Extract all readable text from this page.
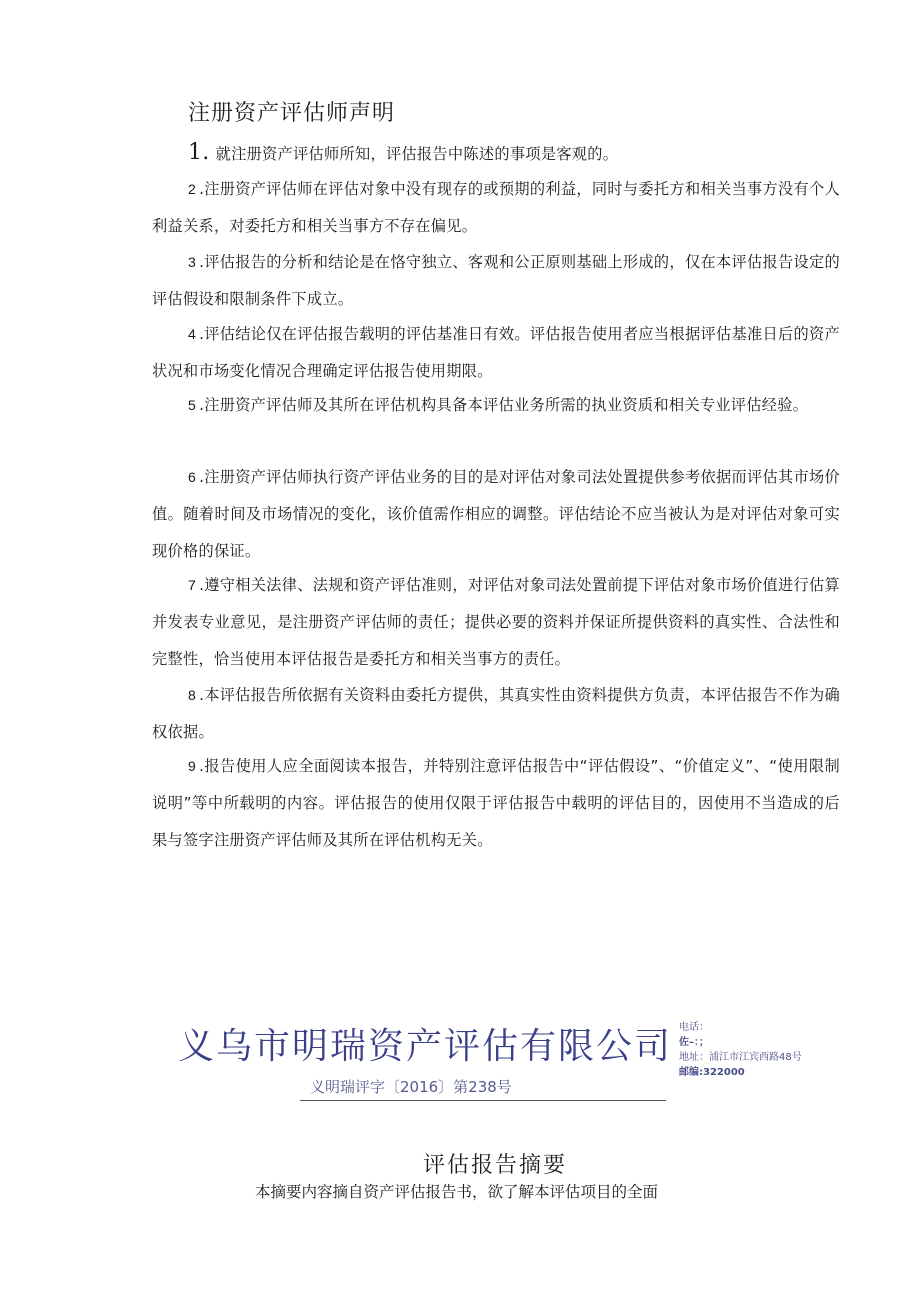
注册资产评估师声明
1. 就注册资产评估师所知，评估报告中陈述的事项是客观的。
2 .注册资产评估师在评估对象中没有现存的或预期的利益，同时与委托方和相关当事方没有个人利益关系，对委托方和相关当事方不存在偏见。
3 .评估报告的分析和结论是在恪守独立、客观和公正原则基础上形成的，仅在本评估报告设定的评估假设和限制条件下成立。
4 .评估结论仅在评估报告载明的评估基准日有效。评估报告使用者应当根据评估基准日后的资产状况和市场变化情况合理确定评估报告使用期限。
5 .注册资产评估师及其所在评估机构具备本评估业务所需的执业资质和相关专业评估经验。
6 .注册资产评估师执行资产评估业务的目的是对评估对象司法处置提供参考依据而评估其市场价值。随着时间及市场情况的变化，该价值需作相应的调整。评估结论不应当被认为是对评估对象可实现价格的保证。
7 .遵守相关法律、法规和资产评估准则，对评估对象司法处置前提下评估对象市场价值进行估算并发表专业意见，是注册资产评估师的责任；提供必要的资料并保证所提供资料的真实性、合法性和完整性，恰当使用本评估报告是委托方和相关当事方的责任。
8 .本评估报告所依据有关资料由委托方提供，其真实性由资料提供方负责，本评估报告不作为确权依据。
9 .报告使用人应全面阅读本报告，并特别注意评估报告中“评估假设”、“价值定义”、“使用限制说明”等中所载明的内容。评估报告的使用仅限于评估报告中载明的评估目的，因使用不当造成的后果与签字注册资产评估师及其所在评估机构无关。
义乌市明瑞资产评估有限公司
义明瑞评字〔2016〕第238号
电话：
佐–：；
地址：浦江市江宾西路48号
邮编:322000
评估报告摘要
本摘要内容摘自资产评估报告书，欲了解本评估项目的全面
